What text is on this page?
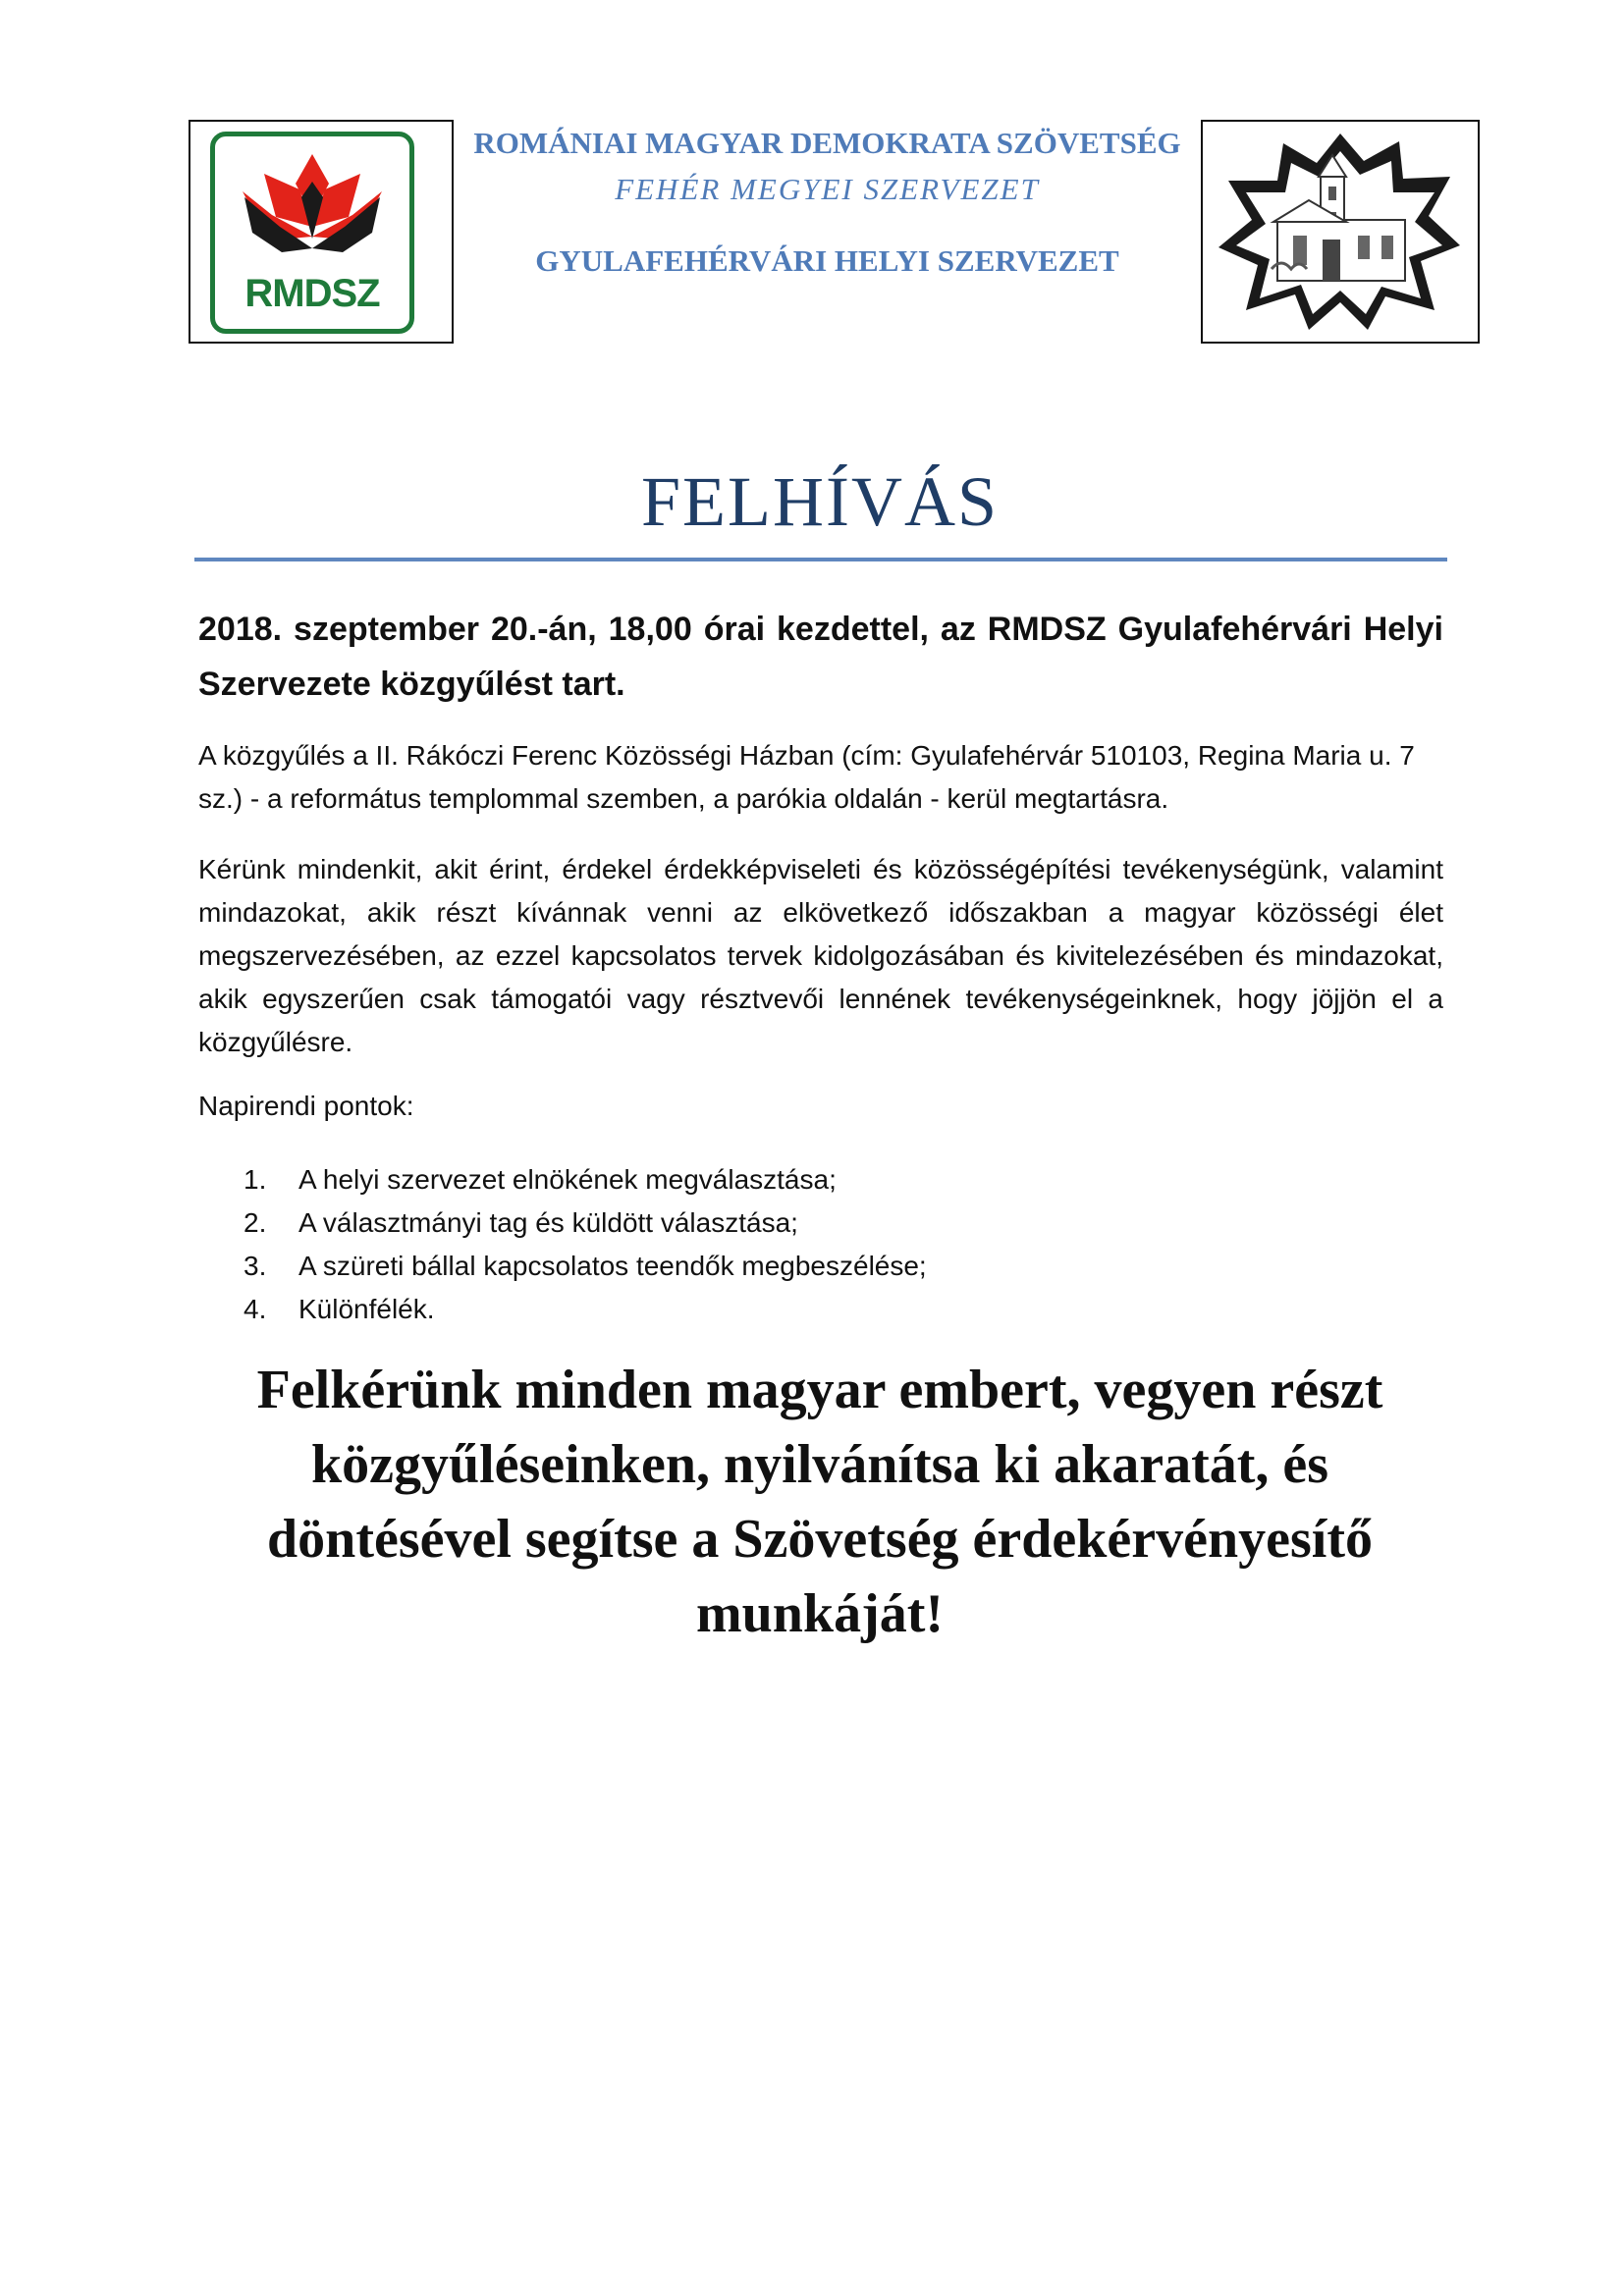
RMDSZ
ROMÁNIAI MAGYAR DEMOKRATA SZÖVETSÉG
FEHÉR MEGYEI SZERVEZET
GYULAFEHÉRVÁRI HELYI SZERVEZET
FELHÍVÁS
2018. szeptember 20.-án, 18,00 órai kezdettel, az RMDSZ Gyulafehérvári Helyi Szervezete közgyűlést tart.
A közgyűlés a II. Rákóczi Ferenc Közösségi Házban (cím: Gyulafehérvár 510103, Regina Maria u. 7 sz.) - a református templommal szemben, a parókia oldalán - kerül megtartásra.
Kérünk mindenkit, akit érint, érdekel érdekképviseleti és közösségépítési tevékenységünk, valamint mindazokat, akik részt kívánnak venni az elkövetkező időszakban a magyar közösségi élet megszervezésében, az ezzel kapcsolatos tervek kidolgozásában és kivitelezésében és mindazokat, akik egyszerűen csak támogatói vagy résztvevői lennének tevékenységeinknek, hogy jöjjön el a közgyűlésre.
Napirendi pontok:
1. A helyi szervezet elnökének megválasztása;
2. A választmányi tag és küldött választása;
3. A szüreti bállal kapcsolatos teendők megbeszélése;
4. Különfélék.
Felkérünk minden magyar embert, vegyen részt közgyűléseinken, nyilvánítsa ki akaratát, és döntésével segítse a Szövetség érdekérvényesítő munkáját!
